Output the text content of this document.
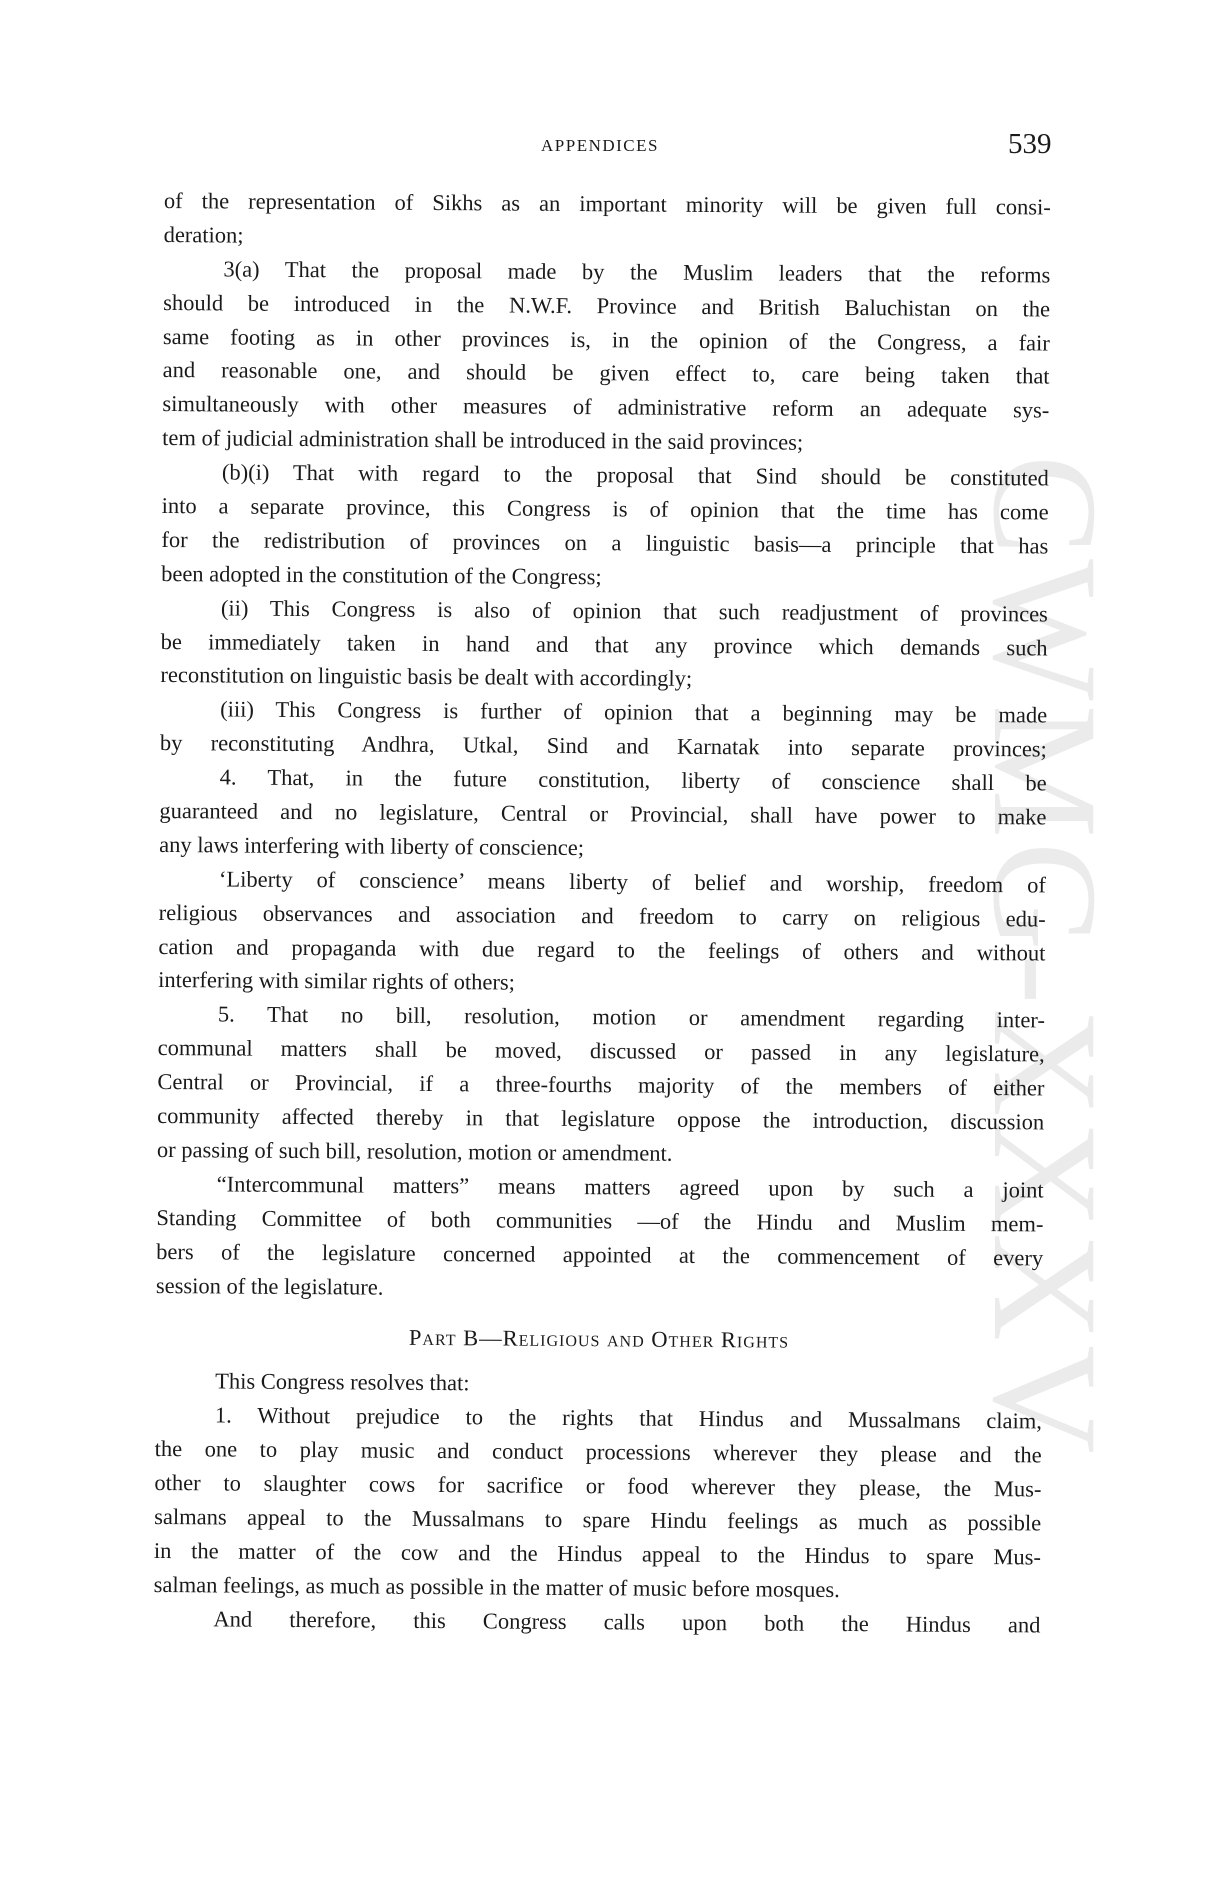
CWMG-XXXV
APPENDICES	539
of the representation of Sikhs as an important minority will be given full consi-
deration;
3(a) That the proposal made by the Muslim leaders that the reforms
should be introduced in the N.W.F. Province and British Baluchistan on the
same footing as in other provinces is, in the opinion of the Congress, a fair
and reasonable one, and should be given effect to, care being taken that
simultaneously with other measures of administrative reform an adequate sys-
tem of judicial administration shall be introduced in the said provinces;
(b)(i) That with regard to the proposal that Sind should be constituted
into a separate province, this Congress is of opinion that the time has come
for the redistribution of provinces on a linguistic basis—a principle that has
been adopted in the constitution of the Congress;
(ii) This Congress is also of opinion that such readjustment of provinces
be immediately taken in hand and that any province which demands such
reconstitution on linguistic basis be dealt with accordingly;
(iii) This Congress is further of opinion that a beginning may be made
by reconstituting Andhra, Utkal, Sind and Karnatak into separate provinces;
4. That, in the future constitution, liberty of conscience shall be
guaranteed and no legislature, Central or Provincial, shall have power to make
any laws interfering with liberty of conscience;
‘Liberty of conscience’ means liberty of belief and worship, freedom of
religious observances and association and freedom to carry on religious edu-
cation and propaganda with due regard to the feelings of others and without
interfering with similar rights of others;
5. That no bill, resolution, motion or amendment regarding inter-
communal matters shall be moved, discussed or passed in any legislature,
Central or Provincial, if a three-fourths majority of the members of either
community affected thereby in that legislature oppose the introduction, discussion
or passing of such bill, resolution, motion or amendment.
“Intercommunal matters” means matters agreed upon by such a joint
Standing Committee of both communities —of the Hindu and Muslim mem-
bers of the legislature concerned appointed at the commencement of every
session of the legislature.
Part B—Religious and Other Rights
This Congress resolves that:
1. Without prejudice to the rights that Hindus and Mussalmans claim,
the one to play music and conduct processions wherever they please and the
other to slaughter cows for sacrifice or food wherever they please, the Mus-
salmans appeal to the Mussalmans to spare Hindu feelings as much as possible
in the matter of the cow and the Hindus appeal to the Hindus to spare Mus-
salman feelings, as much as possible in the matter of music before mosques.
And therefore, this Congress calls upon both the Hindus and
